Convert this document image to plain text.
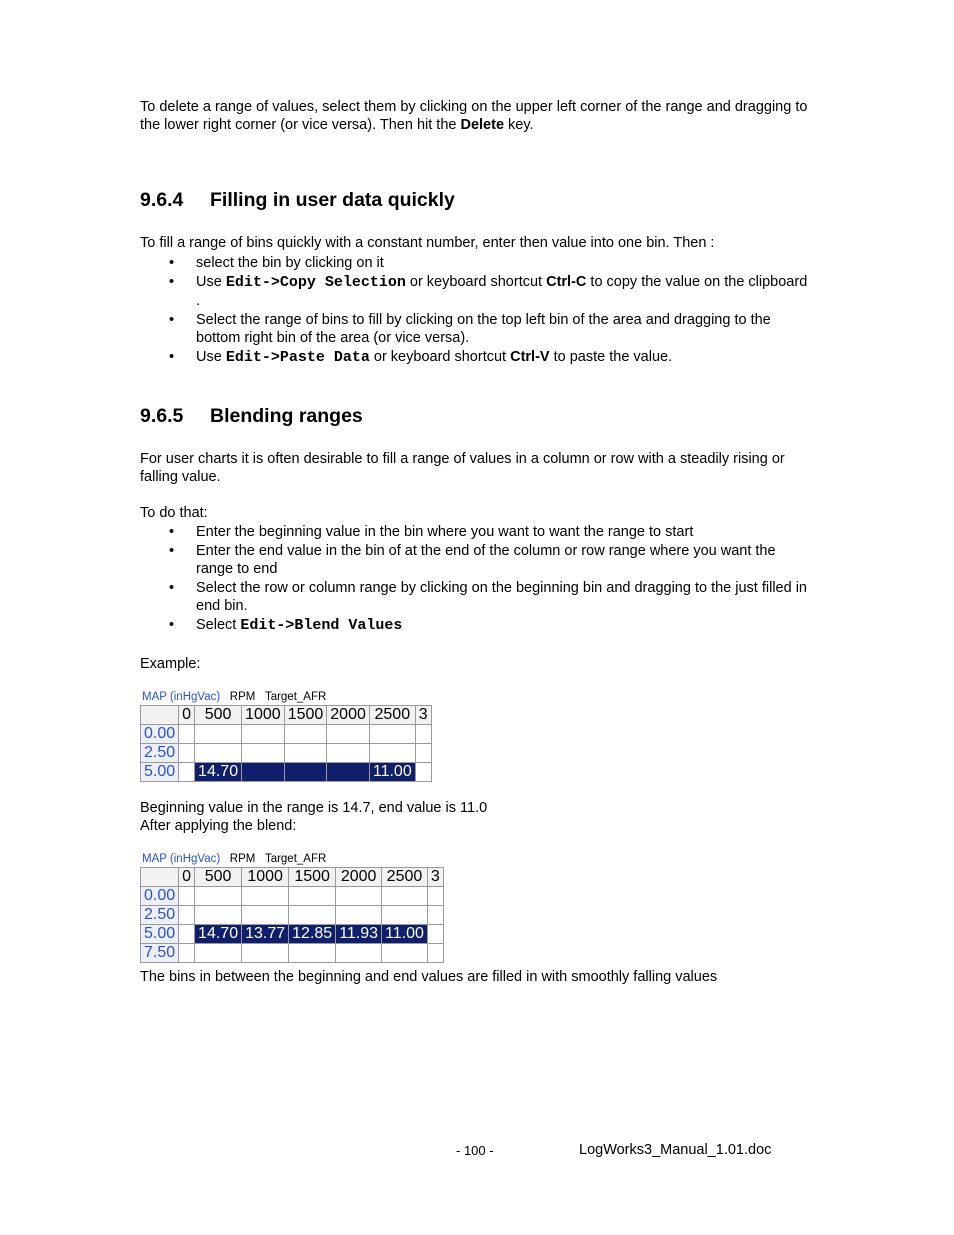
To delete a range of values, select them by clicking on the upper left corner of the range and dragging to the lower right corner (or vice versa). Then hit the Delete key.
9.6.4 Filling in user data quickly
To fill a range of bins quickly with a constant number, enter then value into one bin. Then :
• select the bin by clicking on it
• Use Edit->Copy Selection or keyboard shortcut Ctrl-C to copy the value on the clipboard .
• Select the range of bins to fill by clicking on the top left bin of the area and dragging to the bottom right bin of the area (or vice versa).
• Use Edit->Paste Data or keyboard shortcut Ctrl-V to paste the value.
9.6.5 Blending ranges
For user charts it is often desirable to fill a range of values in a column or row with a steadily rising or falling value.
To do that:
• Enter the beginning value in the bin where you want to want the range to start
• Enter the end value in the bin of at the end of the column or row range where you want the range to end
• Select the row or column range by clicking on the beginning bin and dragging to the just filled in end bin.
• Select Edit->Blend Values
Example:
MAP (inHgVac) RPM Target_AFR
	0	500	1000	1500	2000	2500	3
0.00							
2.50							
5.00		14.70				11.00	
Beginning value in the range is 14.7, end value is 11.0
After applying the blend:
MAP (inHgVac) RPM Target_AFR
	0	500	1000	1500	2000	2500	3
0.00							
2.50							
5.00		14.70	13.77	12.85	11.93	11.00	
7.50							
The bins in between the beginning and end values are filled in with smoothly falling values
- 100 -	LogWorks3_Manual_1.01.doc
